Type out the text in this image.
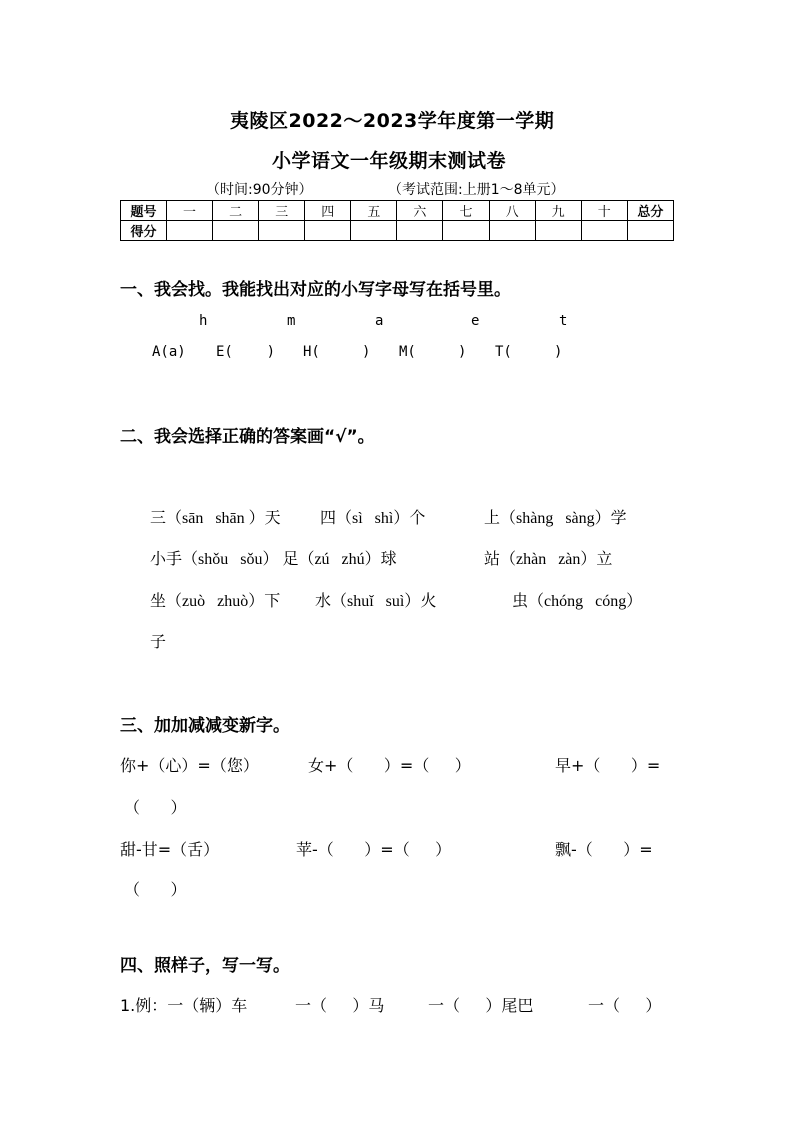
夷陵区2022～2023学年度第一学期
小学语文一年级期末测试卷
（时间:90分钟）	（考试范围:上册1～8单元）
题号	一	二	三	四	五	六	七	八	九	十	总分
得分											
一、我会找。我能找出对应的小写字母写在括号里。
h	m	a	e	t
A(a) E(    ) H(     ) M(     ) T(     )
二、我会选择正确的答案画“√”。
三（sān   shān ）天 四（sì   shì）个	上（shàng   sàng）学
小手（shǒu   sǒu） 足（zú   zhú）球	站（zhàn   zàn）立
坐（zuò   zhuò）下 水（shuǐ   suì）火	虫（chóng   cóng）
子
三、加加减减变新字。
你+（心）=（您）	女+（      ）=（     ）	早+（      ）=
（      ）
甜-甘=（舌）	苹-（      ）=（     ）	飘-（      ）=
（      ）
四、照样子，写一写。
1.例：一（辆）车	一（     ）马	一（     ）尾巴	一（     ）
